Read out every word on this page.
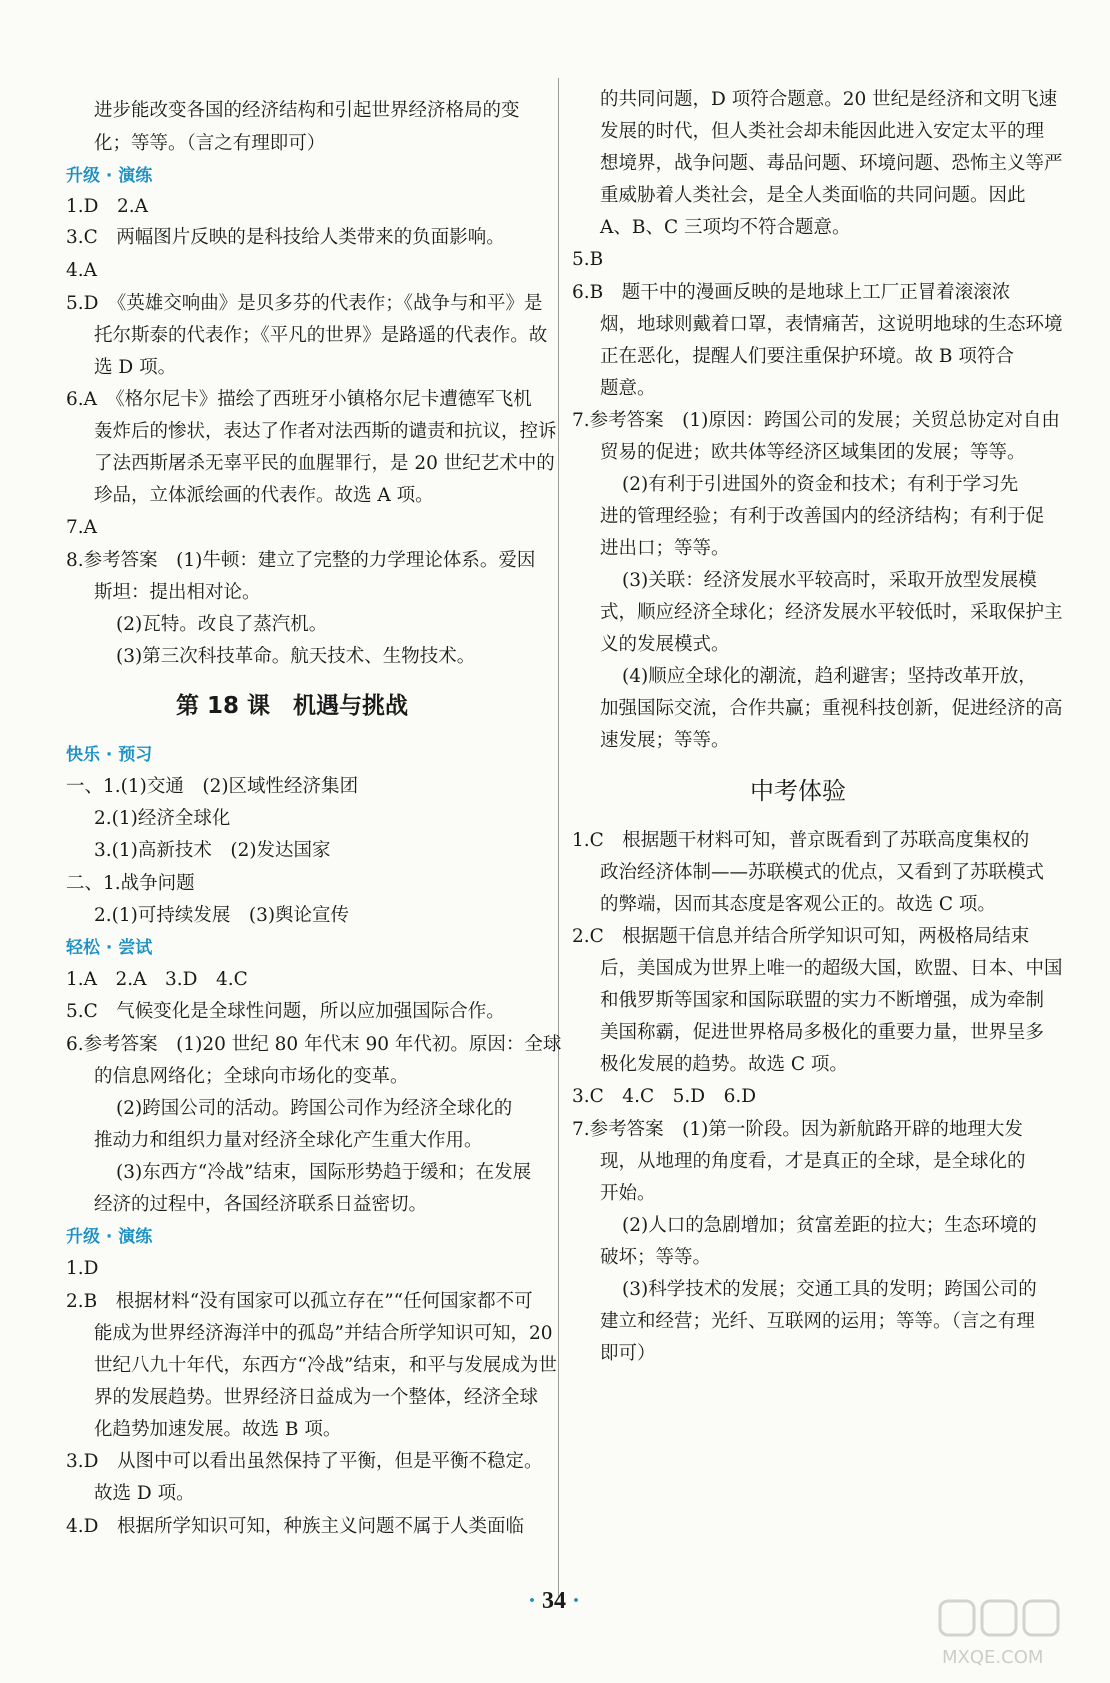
进步能改变各国的经济结构和引起世界经济格局的变
化；等等。（言之有理即可）
升级 · 演练
1.D　2.A
3.C　两幅图片反映的是科技给人类带来的负面影响。
4.A
5.D　《英雄交响曲》是贝多芬的代表作；《战争与和平》是
托尔斯泰的代表作；《平凡的世界》是路遥的代表作。故
选 D 项。
6.A　《格尔尼卡》描绘了西班牙小镇格尔尼卡遭德军飞机
轰炸后的惨状，表达了作者对法西斯的谴责和抗议，控诉
了法西斯屠杀无辜平民的血腥罪行，是 20 世纪艺术中的
珍品，立体派绘画的代表作。故选 A 项。
7.A
8.参考答案　(1)牛顿：建立了完整的力学理论体系。爱因
斯坦：提出相对论。
(2)瓦特。改良了蒸汽机。
(3)第三次科技革命。航天技术、生物技术。
第 18 课　机遇与挑战
快乐 · 预习
一、1.(1)交通　(2)区域性经济集团
2.(1)经济全球化
3.(1)高新技术　(2)发达国家
二、1.战争问题
2.(1)可持续发展　(3)舆论宣传
轻松 · 尝试
1.A　2.A　3.D　4.C
5.C　气候变化是全球性问题，所以应加强国际合作。
6.参考答案　(1)20 世纪 80 年代末 90 年代初。原因：全球
的信息网络化；全球向市场化的变革。
(2)跨国公司的活动。跨国公司作为经济全球化的
推动力和组织力量对经济全球化产生重大作用。
(3)东西方“冷战”结束，国际形势趋于缓和；在发展
经济的过程中，各国经济联系日益密切。
升级 · 演练
1.D
2.B　根据材料“没有国家可以孤立存在”“任何国家都不可
能成为世界经济海洋中的孤岛”并结合所学知识可知，20
世纪八九十年代，东西方“冷战”结束，和平与发展成为世
界的发展趋势。世界经济日益成为一个整体，经济全球
化趋势加速发展。故选 B 项。
3.D　从图中可以看出虽然保持了平衡，但是平衡不稳定。
故选 D 项。
4.D　根据所学知识可知，种族主义问题不属于人类面临
的共同问题，D 项符合题意。20 世纪是经济和文明飞速
发展的时代，但人类社会却未能因此进入安定太平的理
想境界，战争问题、毒品问题、环境问题、恐怖主义等严
重威胁着人类社会，是全人类面临的共同问题。因此
A、B、C 三项均不符合题意。
5.B
6.B　题干中的漫画反映的是地球上工厂正冒着滚滚浓
烟，地球则戴着口罩，表情痛苦，这说明地球的生态环境
正在恶化，提醒人们要注重保护环境。故 B 项符合
题意。
7.参考答案　(1)原因：跨国公司的发展；关贸总协定对自由
贸易的促进；欧共体等经济区域集团的发展；等等。
(2)有利于引进国外的资金和技术；有利于学习先
进的管理经验；有利于改善国内的经济结构；有利于促
进出口；等等。
(3)关联：经济发展水平较高时，采取开放型发展模
式，顺应经济全球化；经济发展水平较低时，采取保护主
义的发展模式。
(4)顺应全球化的潮流，趋利避害；坚持改革开放，
加强国际交流，合作共赢；重视科技创新，促进经济的高
速发展；等等。
中考体验
1.C　根据题干材料可知，普京既看到了苏联高度集权的
政治经济体制——苏联模式的优点，又看到了苏联模式
的弊端，因而其态度是客观公正的。故选 C 项。
2.C　根据题干信息并结合所学知识可知，两极格局结束
后，美国成为世界上唯一的超级大国，欧盟、日本、中国
和俄罗斯等国家和国际联盟的实力不断增强，成为牵制
美国称霸，促进世界格局多极化的重要力量，世界呈多
极化发展的趋势。故选 C 项。
3.C　4.C　5.D　6.D
7.参考答案　(1)第一阶段。因为新航路开辟的地理大发
现，从地理的角度看，才是真正的全球，是全球化的
开始。
(2)人口的急剧增加；贫富差距的拉大；生态环境的
破坏；等等。
(3)科学技术的发展；交通工具的发明；跨国公司的
建立和经营；光纤、互联网的运用；等等。（言之有理
即可）
· 34 ·
MXQE.COM
